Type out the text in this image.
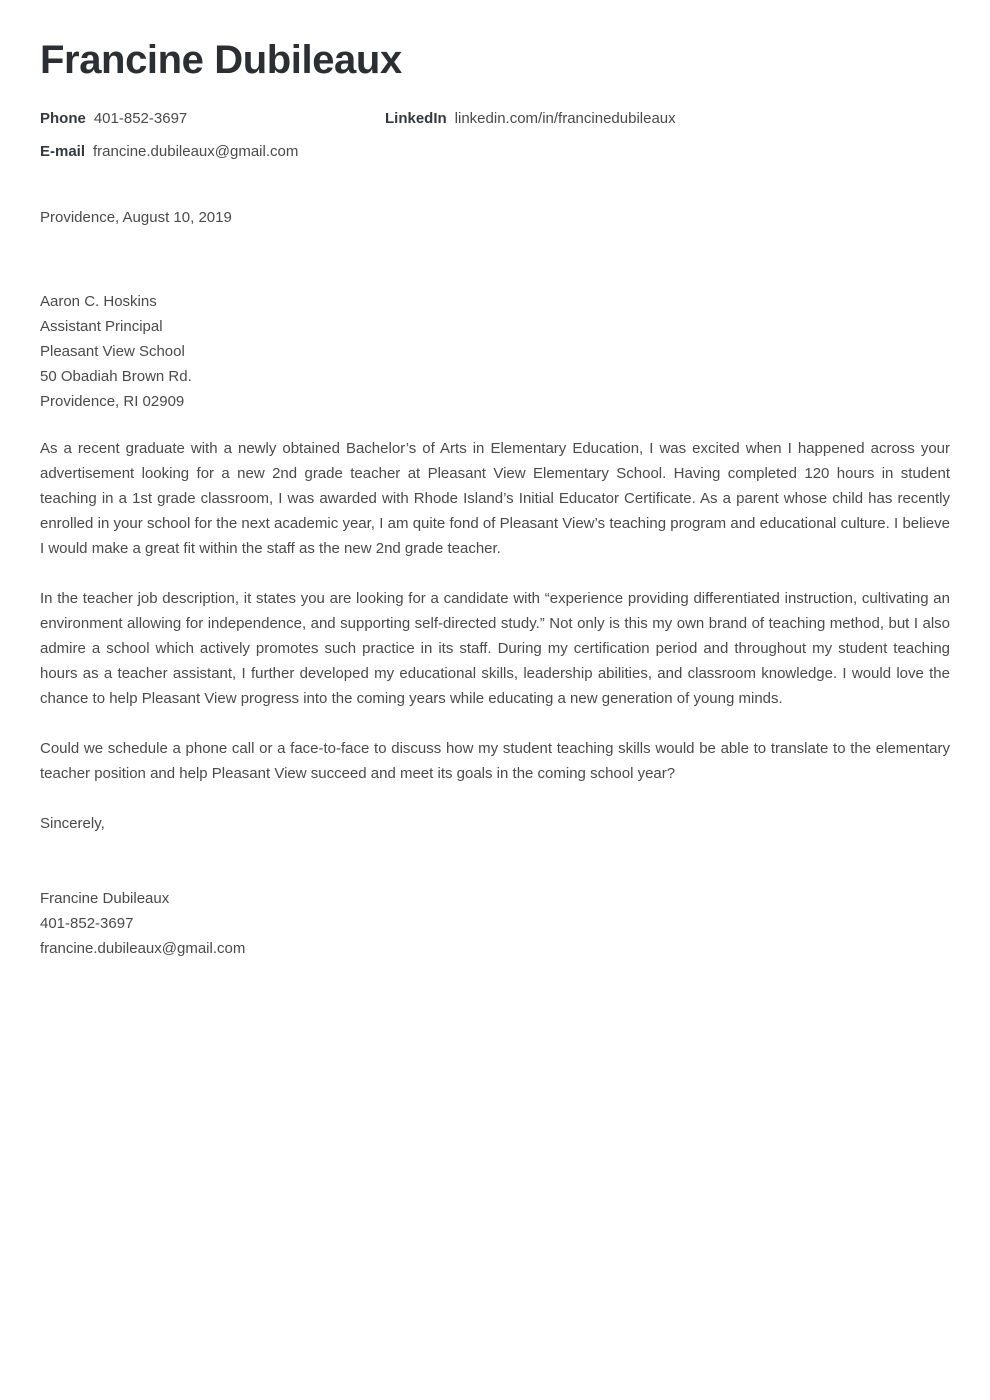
Francine Dubileaux
Phone 401-852-3697	LinkedIn linkedin.com/in/francinedubileaux
E-mail francine.dubileaux@gmail.com
Providence, August 10, 2019
Aaron C. Hoskins
Assistant Principal
Pleasant View School
50 Obadiah Brown Rd.
Providence, RI 02909

As a recent graduate with a newly obtained Bachelor’s of Arts in Elementary Education, I was excited when I happened across your advertisement looking for a new 2nd grade teacher at Pleasant View Elementary School. Having completed 120 hours in student teaching in a 1st grade classroom, I was awarded with Rhode Island’s Initial Educator Certificate. As a parent whose child has recently enrolled in your school for the next academic year, I am quite fond of Pleasant View’s teaching program and educational culture. I believe I would make a great fit within the staff as the new 2nd grade teacher.

In the teacher job description, it states you are looking for a candidate with “experience providing differentiated instruction, cultivating an environment allowing for independence, and supporting self-directed study.” Not only is this my own brand of teaching method, but I also admire a school which actively promotes such practice in its staff. During my certification period and throughout my student teaching hours as a teacher assistant, I further developed my educational skills, leadership abilities, and classroom knowledge. I would love the chance to help Pleasant View progress into the coming years while educating a new generation of young minds.

Could we schedule a phone call or a face-to-face to discuss how my student teaching skills would be able to translate to the elementary teacher position and help Pleasant View succeed and meet its goals in the coming school year?

Sincerely,
Francine Dubileaux
401-852-3697
francine.dubileaux@gmail.com
